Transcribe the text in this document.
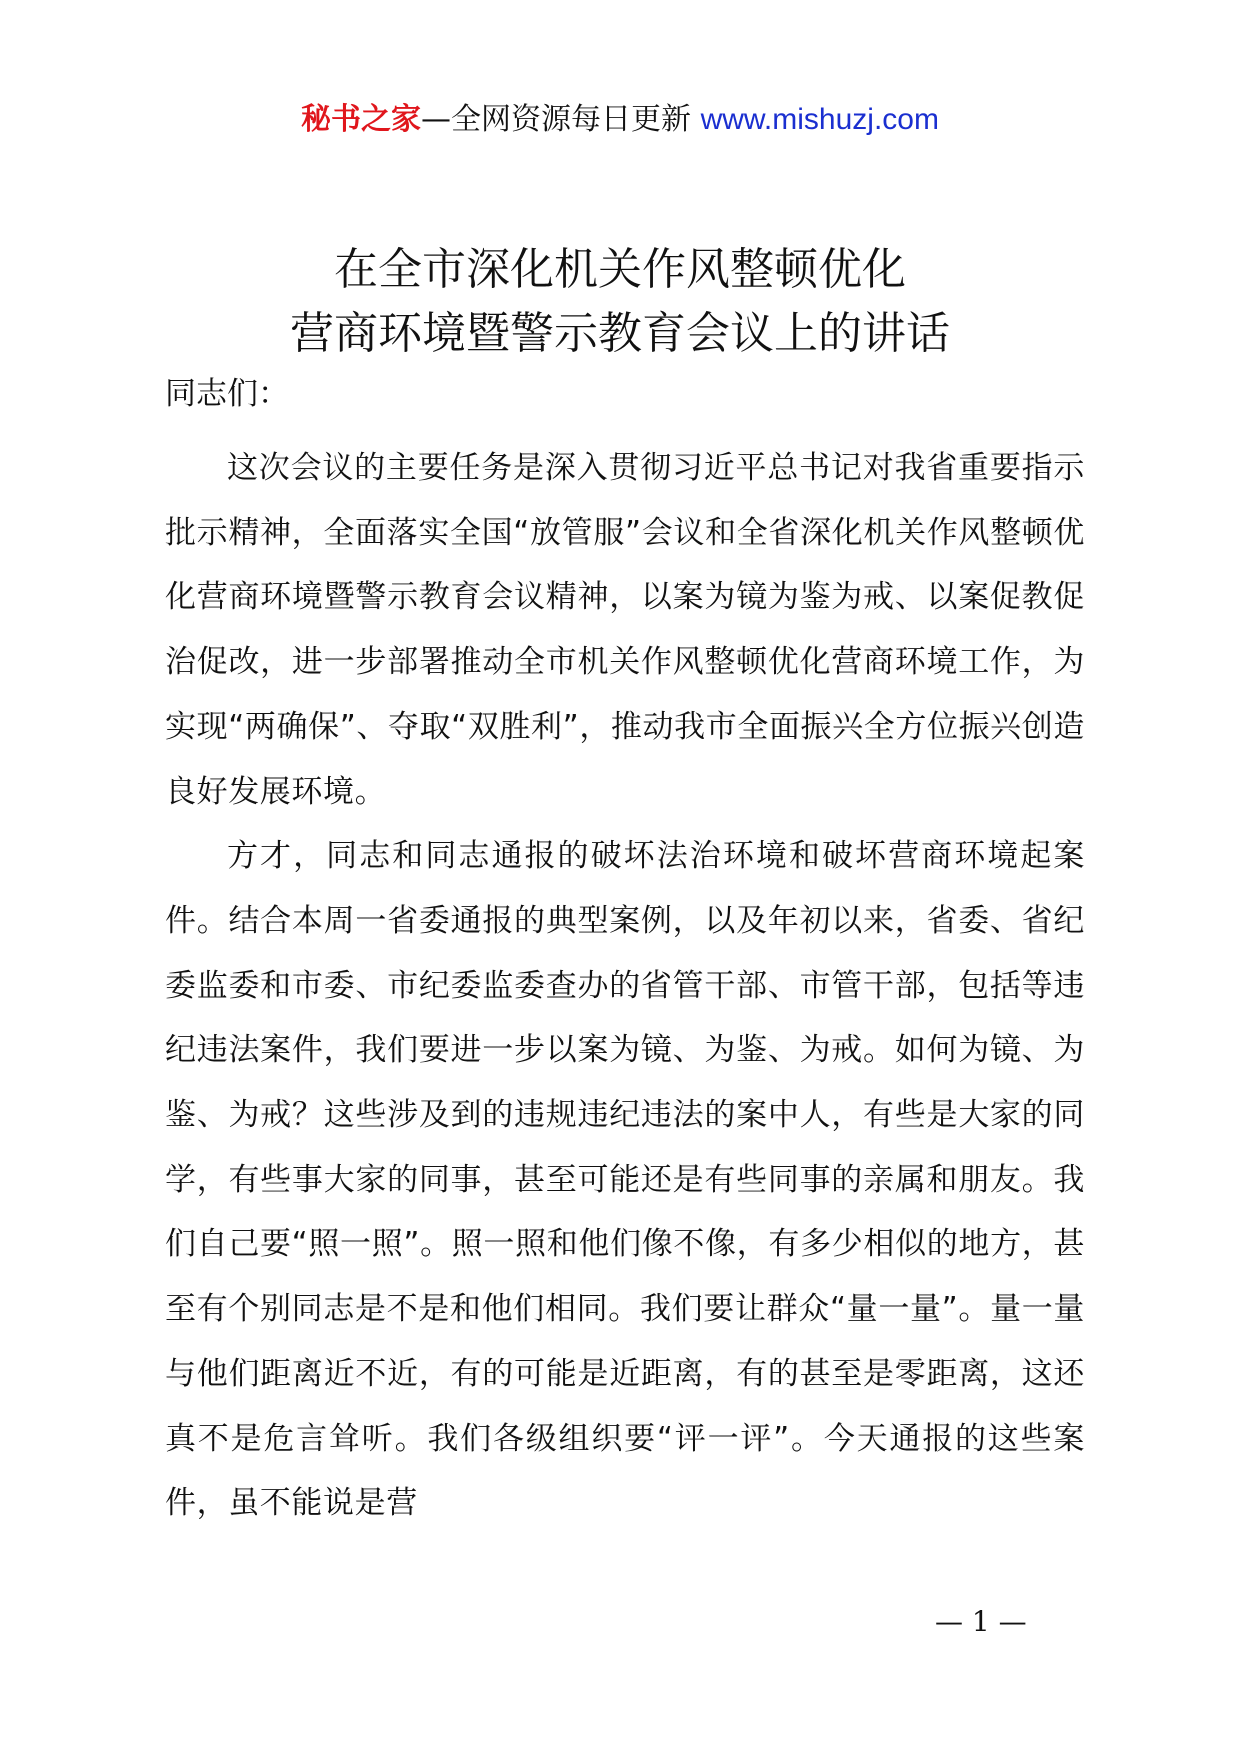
秘书之家—全网资源每日更新 www.mishuzj.com
在全市深化机关作风整顿优化
营商环境暨警示教育会议上的讲话
同志们：

这次会议的主要任务是深入贯彻习近平总书记对我省重要指示批示精神，全面落实全国“放管服”会议和全省深化机关作风整顿优化营商环境暨警示教育会议精神，以案为镜为鉴为戒、以案促教促治促改，进一步部署推动全市机关作风整顿优化营商环境工作，为实现“两确保”、夺取“双胜利”，推动我市全面振兴全方位振兴创造良好发展环境。

方才，同志和同志通报的破坏法治环境和破坏营商环境起案件。结合本周一省委通报的典型案例，以及年初以来，省委、省纪委监委和市委、市纪委监委查办的省管干部、市管干部，包括等违纪违法案件，我们要进一步以案为镜、为鉴、为戒。如何为镜、为鉴、为戒？这些涉及到的违规违纪违法的案中人，有些是大家的同学，有些事大家的同事，甚至可能还是有些同事的亲属和朋友。我们自己要“照一照”。照一照和他们像不像，有多少相似的地方，甚至有个别同志是不是和他们相同。我们要让群众“量一量”。量一量与他们距离近不近，有的可能是近距离，有的甚至是零距离，这还真不是危言耸听。我们各级组织要“评一评”。今天通报的这些案件，虽不能说是营

— 1 —
